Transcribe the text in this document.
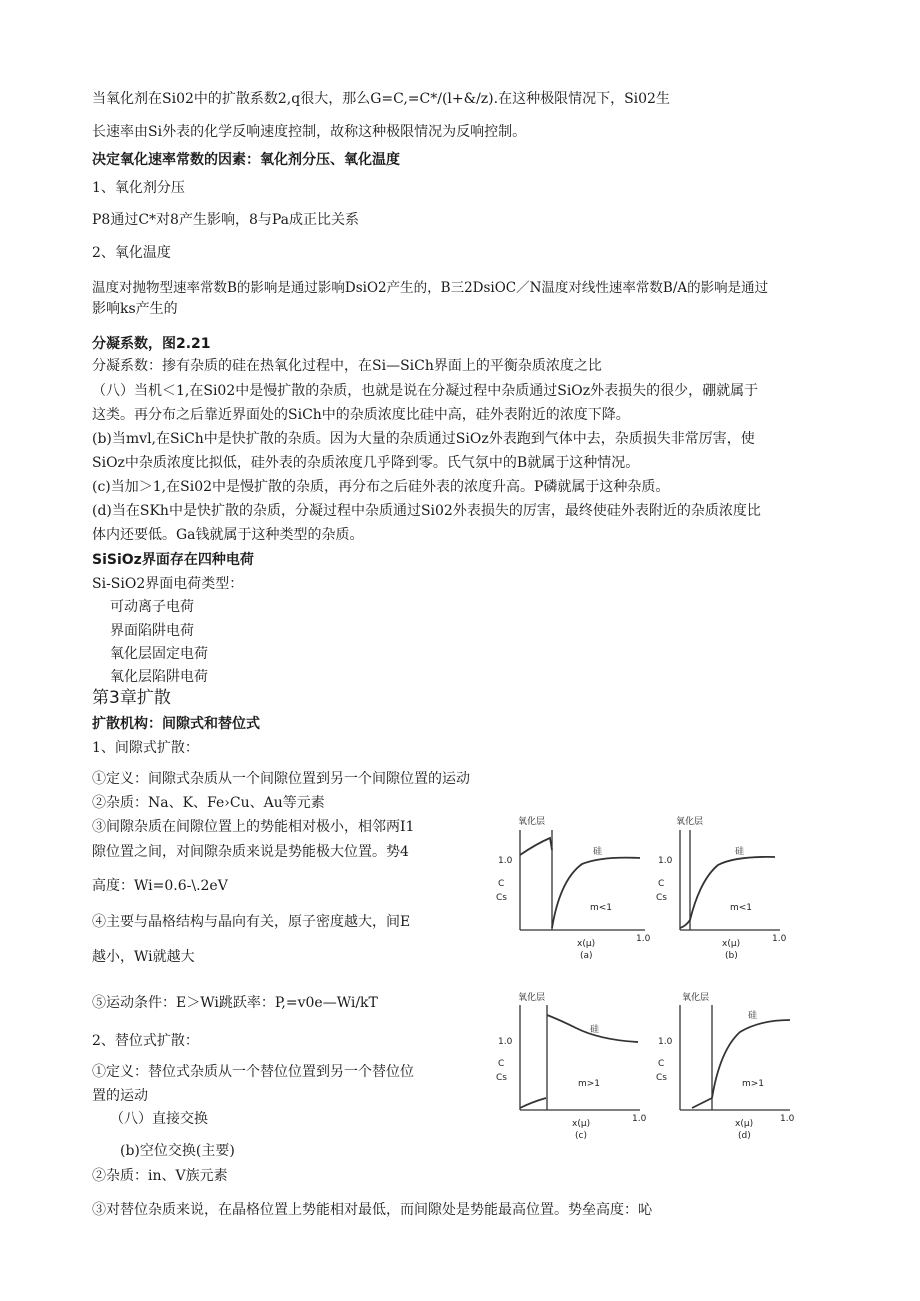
当氧化剂在Si02中的扩散系数2,q很大，那么G=C,=C*/(l+&/z).在这种极限情况下，Si02生
长速率由Si外表的化学反响速度控制，故称这种极限情况为反响控制。
决定氧化速率常数的因素：氧化剂分压、氧化温度
1、氧化剂分压
P8通过C*对8产生影响，8与Pa成正比关系
2、氧化温度
温度对抛物型速率常数B的影响是通过影响DsiO2产生的，B三2DsiOC／N温度对线性速率常数B/A的影响是通过
影响ks产生的
分凝系数，图2.21
分凝系数：掺有杂质的硅在热氧化过程中，在Si—SiCh界面上的平衡杂质浓度之比
（八）当机＜1,在Si02中是慢扩散的杂质，也就是说在分凝过程中杂质通过SiOz外表损失的很少，硼就属于
这类。再分布之后靠近界面处的SiCh中的杂质浓度比硅中高，硅外表附近的浓度下降。
(b)当mvl,在SiCh中是快扩散的杂质。因为大量的杂质通过SiOz外表跑到气体中去，杂质损失非常厉害，使
SiOz中杂质浓度比拟低，硅外表的杂质浓度几乎降到零。氏气氛中的B就属于这种情况。
(c)当加＞1,在Si02中是慢扩散的杂质，再分布之后硅外表的浓度升高。P磷就属于这种杂质。
(d)当在SKh中是快扩散的杂质，分凝过程中杂质通过Si02外表损失的厉害，最终使硅外表附近的杂质浓度比
体内还要低。Ga钱就属于这种类型的杂质。
SiSiOz界面存在四种电荷
Si-SiO2界面电荷类型：
可动离子电荷
界面陷阱电荷
氧化层固定电荷
氧化层陷阱电荷
第3章扩散
扩散机构：间隙式和替位式
1、间隙式扩散：
①定义：间隙式杂质从一个间隙位置到另一个间隙位置的运动
②杂质：Na、K、Fe›Cu、Au等元素
③间隙杂质在间隙位置上的势能相对极小，相邻两I1
隙位置之间，对间隙杂质来说是势能极大位置。势4
高度：Wi=0.6-\.2eV
④主要与晶格结构与晶向有关，原子密度越大，间E
越小，Wi就越大
⑤运动条件：E＞Wi跳跃率：P,=v0e—Wi/kT
2、替位式扩散：
①定义：替位式杂质从一个替位位置到另一个替位位
置的运动
（八）直接交换
(b)空位交换(主要)
②杂质：in、V族元素
③对替位杂质来说，在晶格位置上势能相对最低，而间隙处是势能最高位置。势垒高度：吣
氧化层
硅
1.0
C
Cs
m<1
1.0
x(μ)
(a)
氧化层
硅
1.0
C
Cs
m<1
1.0
x(μ)
(b)
氧化层
硅
1.0
C
Cs
m>1
1.0
x(μ)
(c)
氧化层
硅
1.0
C
Cs
m>1
1.0
x(μ)
(d)
